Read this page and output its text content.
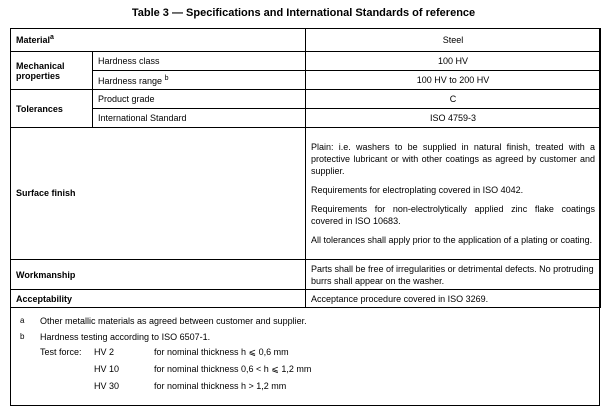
Table 3 — Specifications and International Standards of reference
Material$^a$		Steel
Mechanical
properties	Hardness class	100 HV
	Hardness range $^b$	100 HV to 200 HV
Tolerances	Product grade	C
	International Standard	ISO 4759-3
Surface finish		Plain: i.e. washers to be supplied in natural finish, treated with a protective lubricant or with other coatings as agreed by customer and supplier.

Requirements for electroplating covered in ISO 4042.

Requirements for non-electrolytically applied zinc flake coatings covered in ISO 10683.

All tolerances shall apply prior to the application of a plating or coating.

Workmanship		Parts shall be free of irregularities or detrimental defects. No protruding burrs shall appear on the washer.
Acceptability		Acceptance procedure covered in ISO 3269.
a Other metallic materials as agreed between customer and supplier.
b Hardness testing according to ISO 6507-1.
Test force: HV 2	for nominal thickness h ⩽ 0,6 mm
HV 10	for nominal thickness 0,6 < h ⩽ 1,2 mm
HV 30	for nominal thickness h > 1,2 mm
